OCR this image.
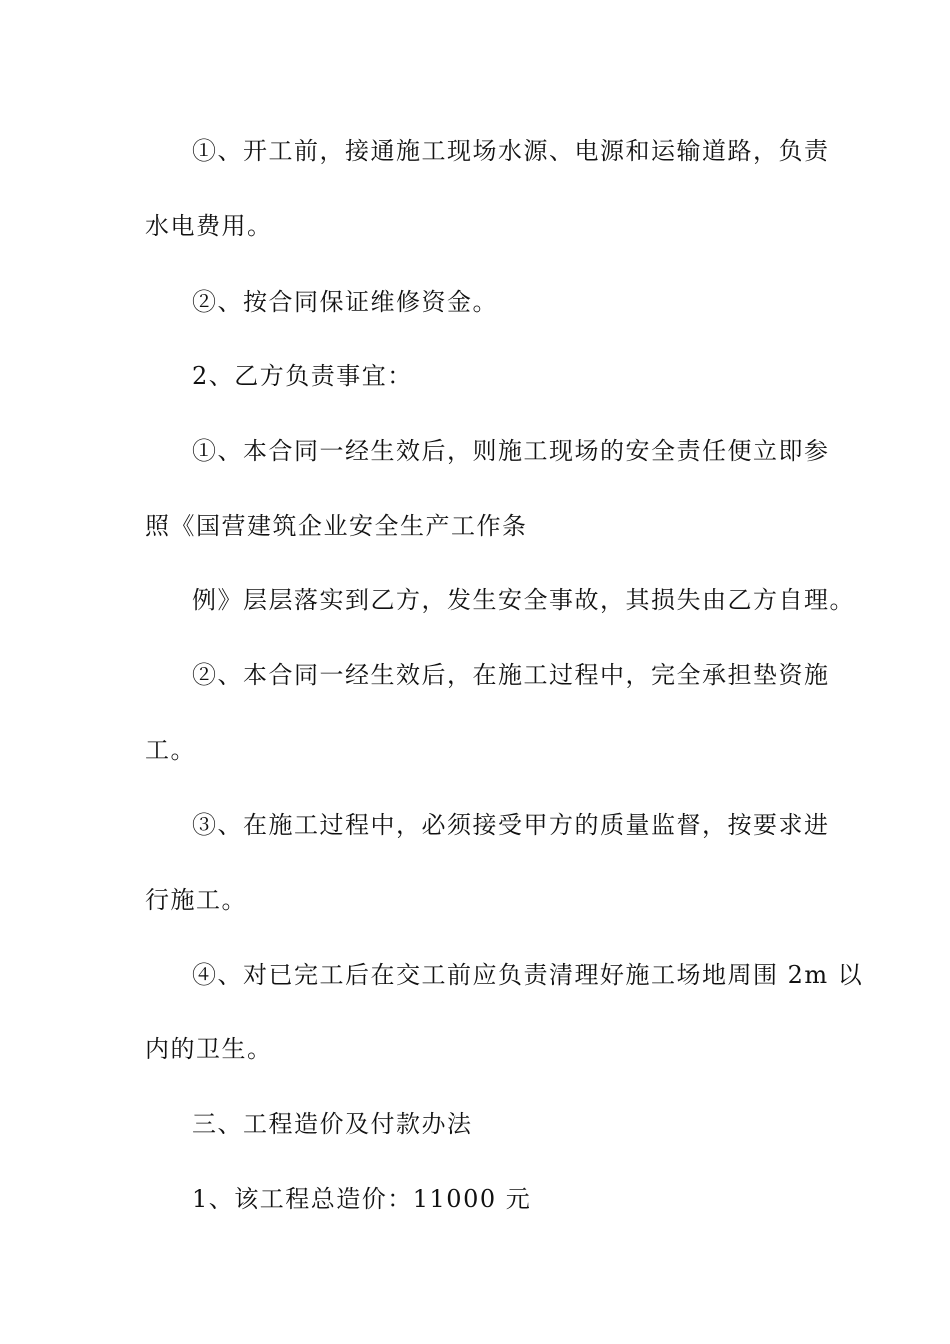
①、开工前，接通施工现场水源、电源和运输道路，负责

水电费用。

②、按合同保证维修资金。

2、乙方负责事宜：

①、本合同一经生效后，则施工现场的安全责任便立即参

照《国营建筑企业安全生产工作条

例》层层落实到乙方，发生安全事故，其损失由乙方自理。

②、本合同一经生效后，在施工过程中，完全承担垫资施

工。

③、在施工过程中，必须接受甲方的质量监督，按要求进

行施工。

④、对已完工后在交工前应负责清理好施工场地周围 2m 以

内的卫生。

三、工程造价及付款办法

1、该工程总造价：11000 元
